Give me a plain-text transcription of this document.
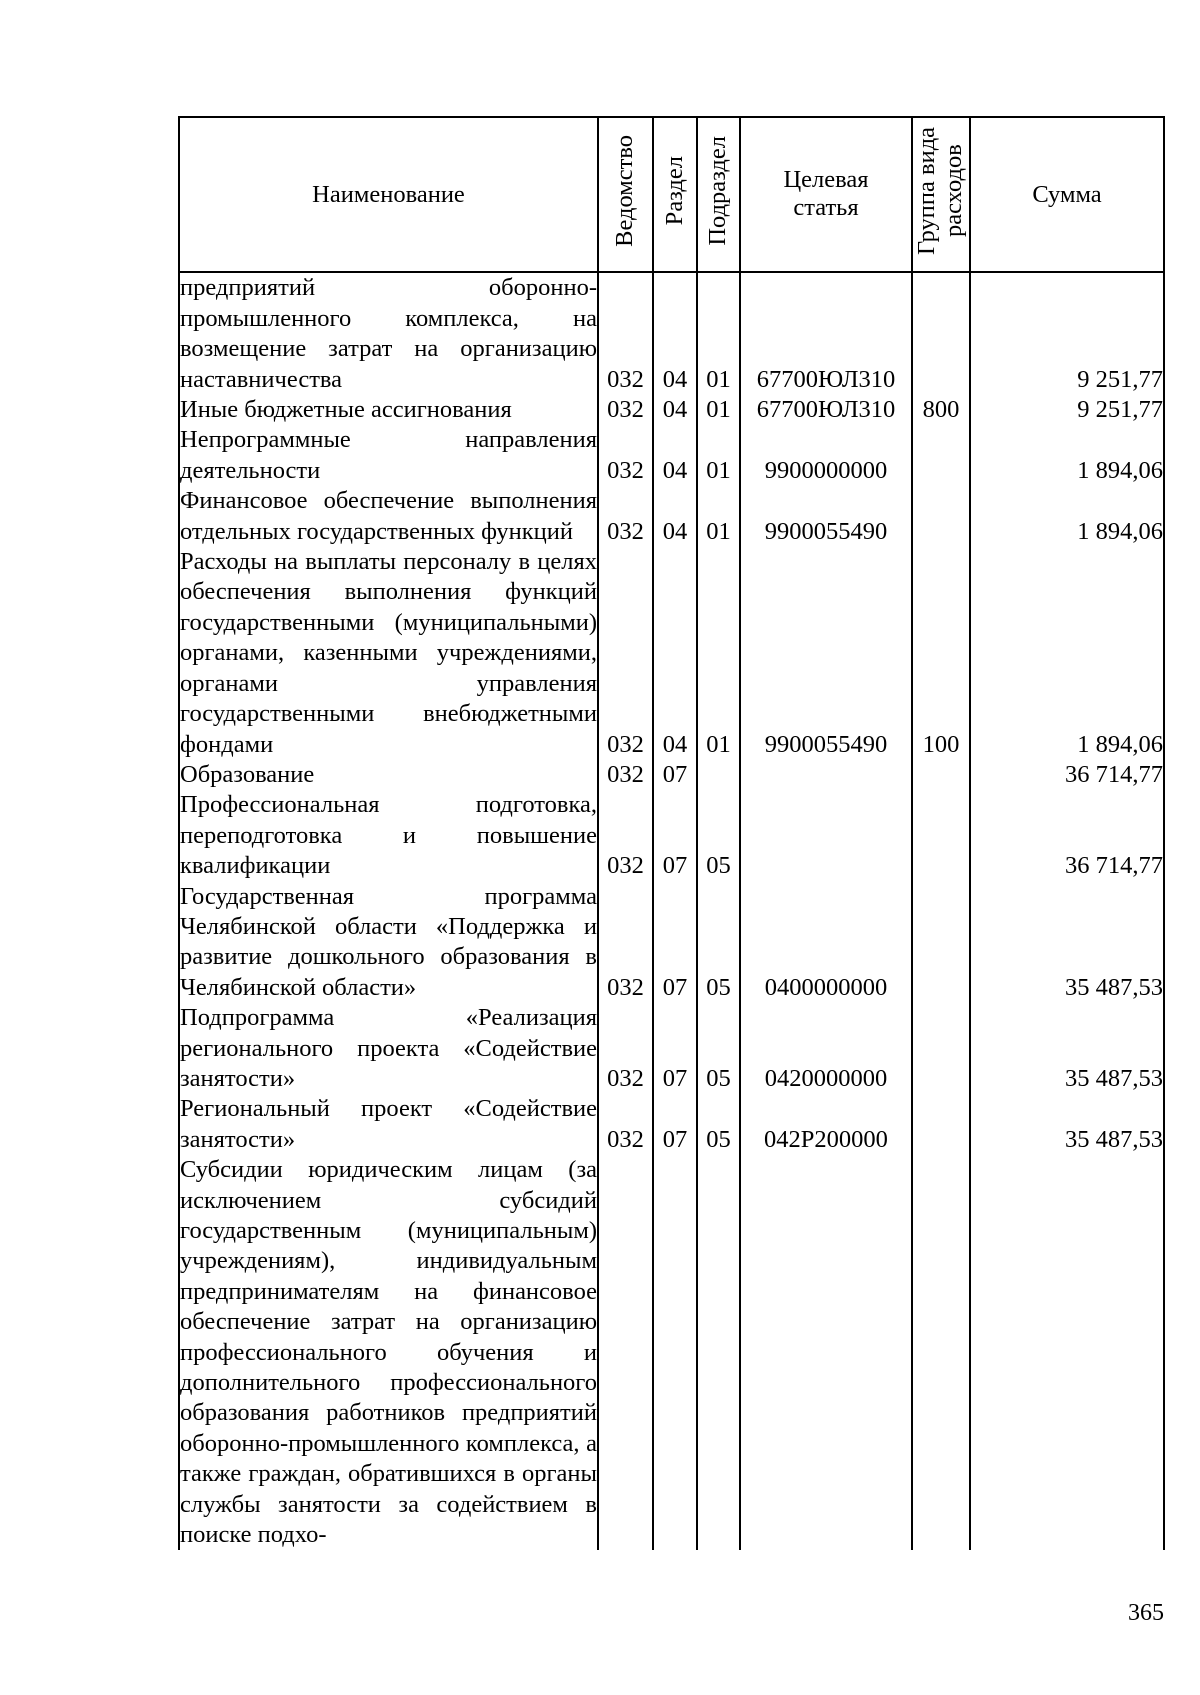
Наименование	Ведомство	Раздел	Подраздел	Целевая статья	Группа вида расходов	Сумма
предприятий оборонно-промышленного комплекса, на возмещение затрат на организацию наставничества	032	04	01	67700ЮЛ310		9 251,77
Иные бюджетные ассигнования	032	04	01	67700ЮЛ310	800	9 251,77
Непрограммные направления деятельности	032	04	01	9900000000		1 894,06
Финансовое обеспечение выполнения отдельных государственных функций	032	04	01	9900055490		1 894,06
Расходы на выплаты персоналу в целях обеспечения выполнения функций государственными (муниципальными) органами, казенными учреждениями, органами управления государственными внебюджетными фондами	032	04	01	9900055490	100	1 894,06
Образование	032	07				36 714,77
Профессиональная подготовка, переподготовка и повышение квалификации	032	07	05			36 714,77
Государственная программа Челябинской области «Поддержка и развитие дошкольного образования в Челябинской области»	032	07	05	0400000000		35 487,53
Подпрограмма «Реализация регионального проекта «Содействие занятости»	032	07	05	0420000000		35 487,53
Региональный проект «Содействие занятости»	032	07	05	042P200000		35 487,53
Субсидии юридическим лицам (за исключением субсидий государственным (муниципальным) учреждениям), индивидуальным предпринимателям на финансовое обеспечение затрат на организацию профессионального обучения и дополнительного профессионального образования работников предприятий оборонно-промышленного комплекса, а также граждан, обратившихся в органы службы занятости за содействием в поиске подхо-						
365
